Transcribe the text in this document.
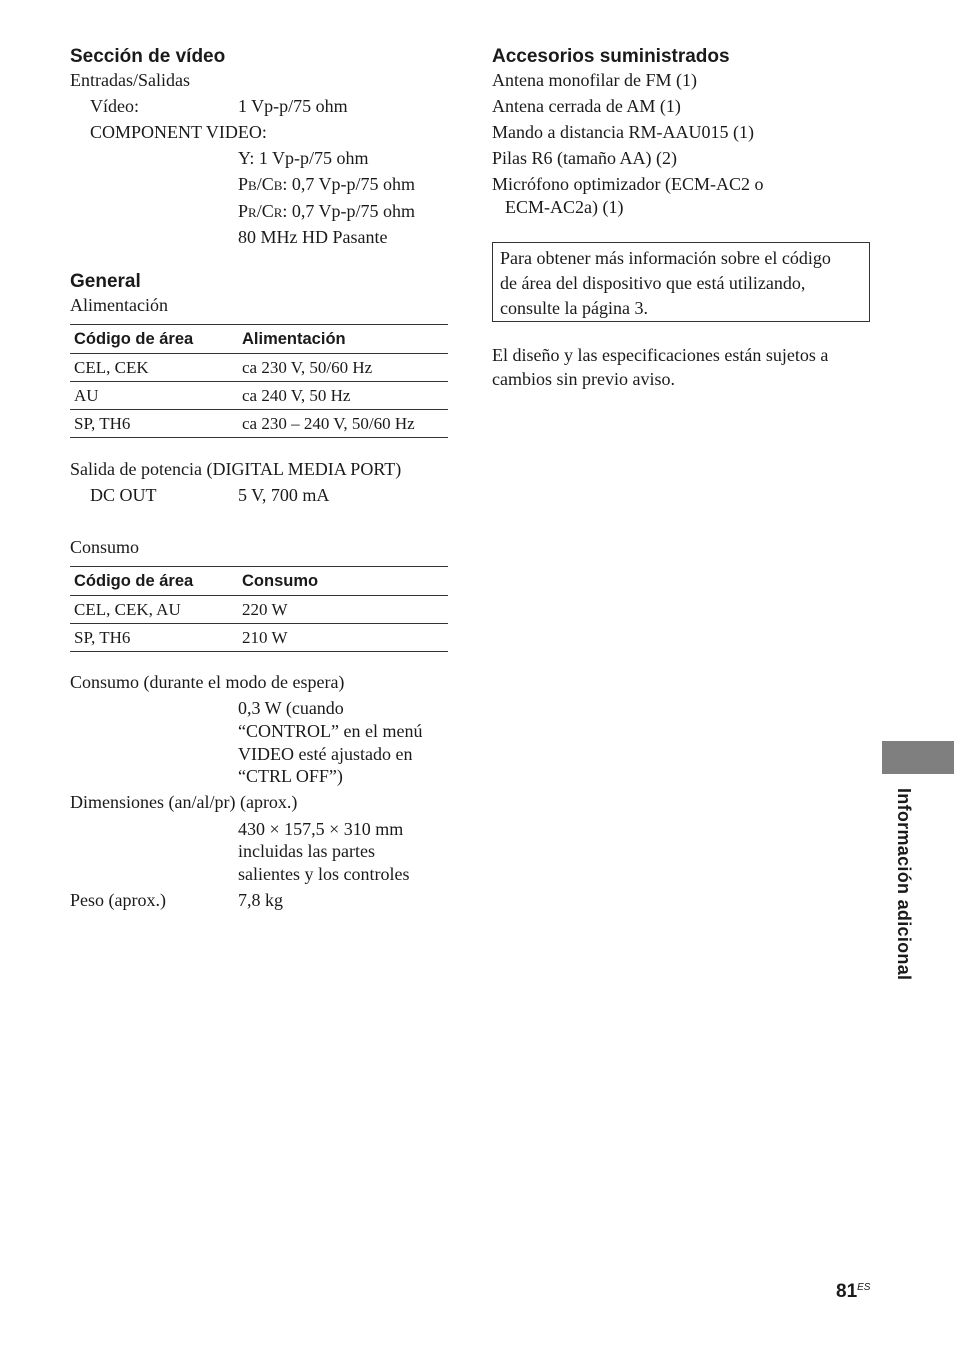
Sección de vídeo
Entradas/Salidas
Vídeo:	1 Vp-p/75 ohm
COMPONENT VIDEO:
Y: 1 Vp-p/75 ohm
PB/CB: 0,7 Vp-p/75 ohm
PR/CR: 0,7 Vp-p/75 ohm
80 MHz HD Pasante
General
Alimentación
Código de área	Alimentación
CEL, CEK	ca 230 V, 50/60 Hz
AU	ca 240 V, 50 Hz
SP, TH6	ca 230 – 240 V, 50/60 Hz
Salida de potencia (DIGITAL MEDIA PORT)
DC OUT	5 V, 700 mA
Consumo
Código de área	Consumo
CEL, CEK, AU	220 W
SP, TH6	210 W
Consumo (durante el modo de espera)
0,3 W (cuando
“CONTROL” en el menú
VIDEO esté ajustado en
“CTRL OFF”)
Dimensiones (an/al/pr) (aprox.)
430 × 157,5 × 310 mm
incluidas las partes
salientes y los controles
Peso (aprox.)	7,8 kg
Accesorios suministrados
Antena monofilar de FM (1)
Antena cerrada de AM (1)
Mando a distancia RM-AAU015 (1)
Pilas R6 (tamaño AA) (2)
Micrófono optimizador (ECM-AC2 o
ECM-AC2a) (1)
Para obtener más información sobre el código
de área del dispositivo que está utilizando,
consulte la página 3.
El diseño y las especificaciones están sujetos a
cambios sin previo aviso.
Información adicional
$81^{ES}$
